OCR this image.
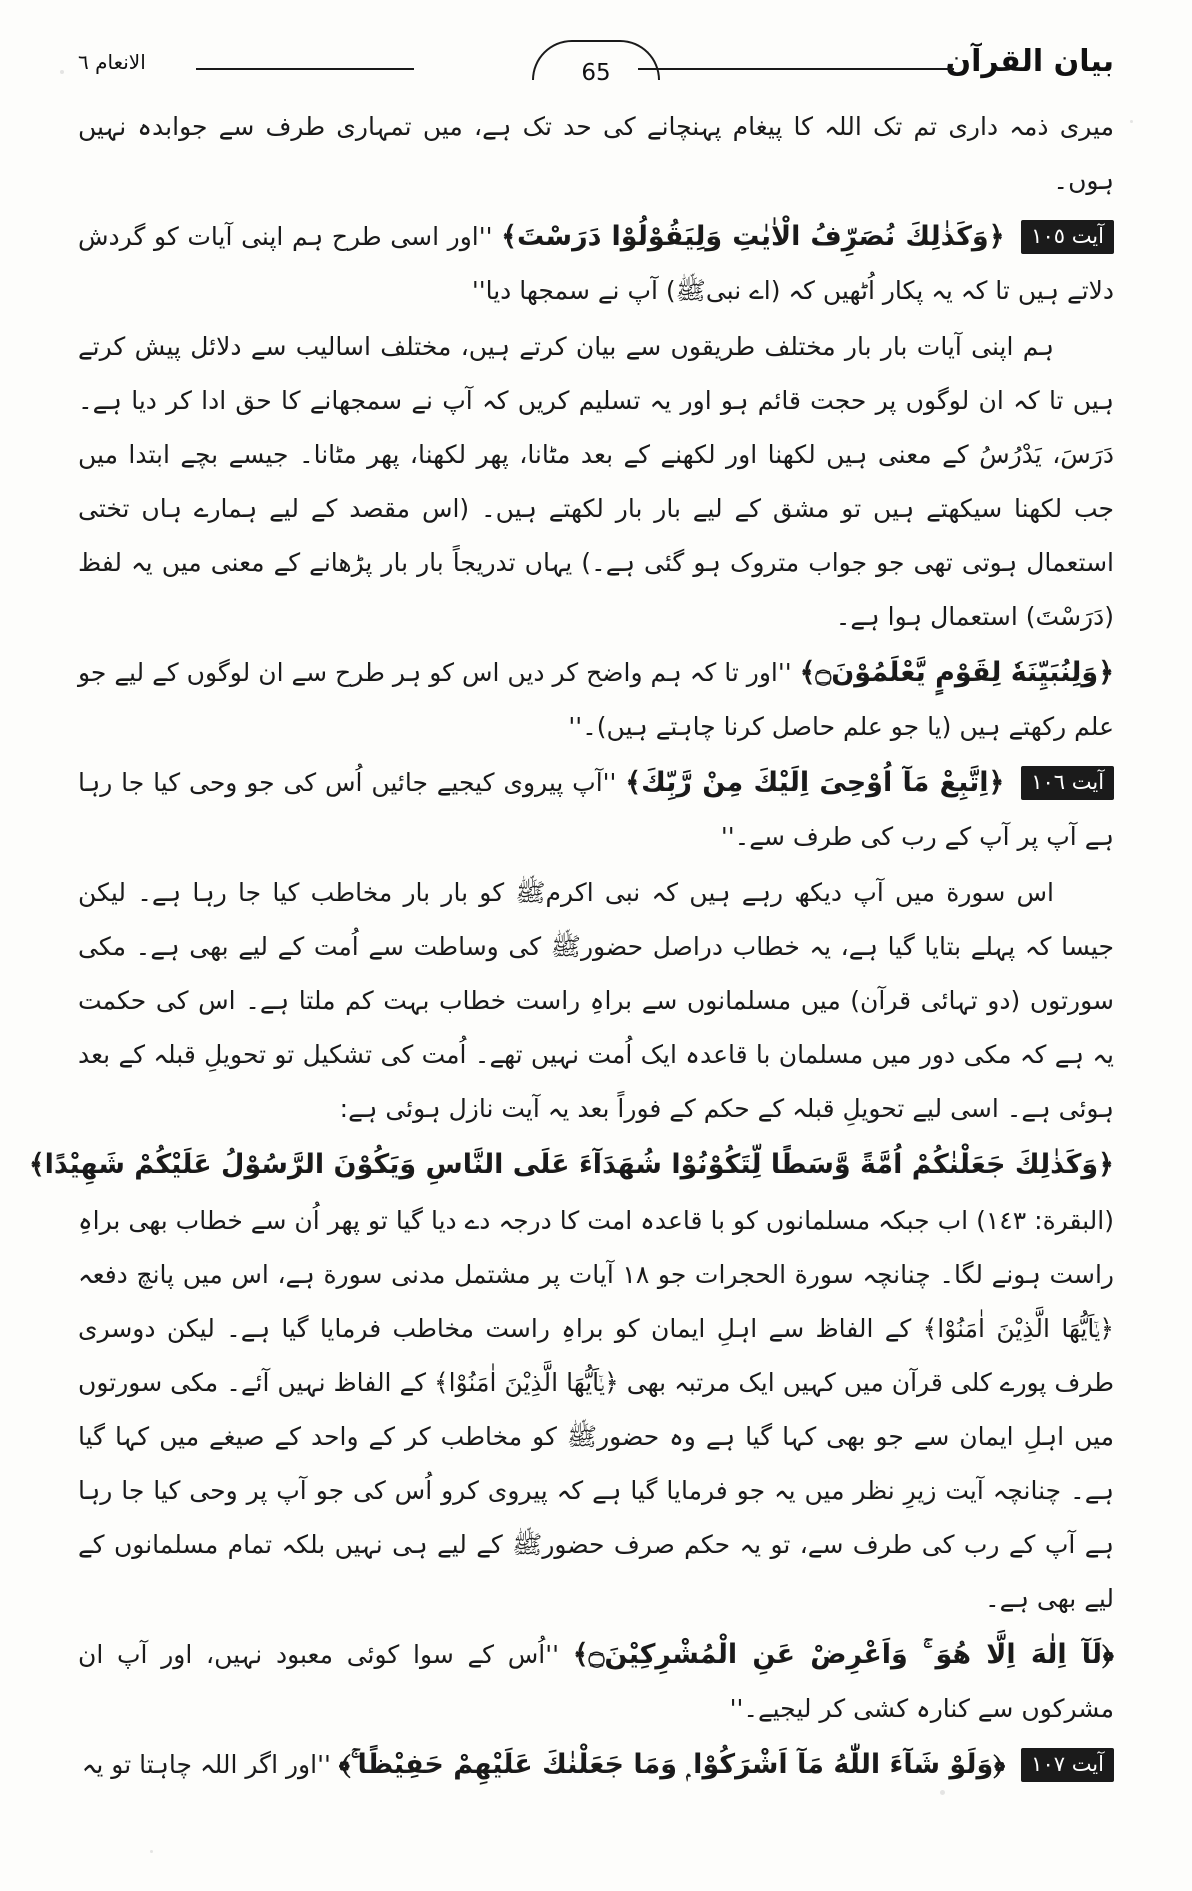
بیان القرآن
65
الانعام ٦

میری ذمہ داری تم تک اللہ کا پیغام پہنچانے کی حد تک ہے، میں تمہاری طرف سے جوابدہ نہیں ہوں۔

آیت ١٠٥ ﴿وَكَذٰلِكَ نُصَرِّفُ الْاٰيٰتِ وَلِيَقُوْلُوْا دَرَسْتَ﴾ ''اور اسی طرح ہم اپنی آیات کو گردش دلاتے ہیں تا کہ یہ پکار اُٹھیں کہ (اے نبیﷺ) آپ نے سمجھا دیا''

ہم اپنی آیات بار بار مختلف طریقوں سے بیان کرتے ہیں، مختلف اسالیب سے دلائل پیش کرتے ہیں تا کہ ان لوگوں پر حجت قائم ہو اور یہ تسلیم کریں کہ آپ نے سمجھانے کا حق ادا کر دیا ہے۔ دَرَسَ، یَدْرُسُ کے معنی ہیں لکھنا اور لکھنے کے بعد مٹانا، پھر لکھنا، پھر مٹانا۔ جیسے بچے ابتدا میں جب لکھنا سیکھتے ہیں تو مشق کے لیے بار بار لکھتے ہیں۔ (اس مقصد کے لیے ہمارے ہاں تختی استعمال ہوتی تھی جو جواب متروک ہو گئی ہے۔) یہاں تدریجاً بار بار پڑھانے کے معنی میں یہ لفظ (دَرَسْتَ) استعمال ہوا ہے۔

﴿وَلِنُبَيِّنَهٗ لِقَوْمٍ يَّعْلَمُوْنَ۝﴾ ''اور تا کہ ہم واضح کر دیں اس کو ہر طرح سے ان لوگوں کے لیے جو علم رکھتے ہیں (یا جو علم حاصل کرنا چاہتے ہیں)۔''

آیت ١٠٦ ﴿اِتَّبِعْ مَآ اُوْحِیَ اِلَيْكَ مِنْ رَّبِّكَ﴾ ''آپ پیروی کیجیے جائیں اُس کی جو وحی کیا جا رہا ہے آپ پر آپ کے رب کی طرف سے۔''

اس سورة میں آپ دیکھ رہے ہیں کہ نبی اکرمﷺ کو بار بار مخاطب کیا جا رہا ہے۔ لیکن جیسا کہ پہلے بتایا گیا ہے، یہ خطاب دراصل حضورﷺ کی وساطت سے اُمت کے لیے بھی ہے۔ مکی سورتوں (دو تہائی قرآن) میں مسلمانوں سے براہِ راست خطاب بہت کم ملتا ہے۔ اس کی حکمت یہ ہے کہ مکی دور میں مسلمان با قاعدہ ایک اُمت نہیں تھے۔ اُمت کی تشکیل تو تحویلِ قبلہ کے بعد ہوئی ہے۔ اسی لیے تحویلِ قبلہ کے حکم کے فوراً بعد یہ آیت نازل ہوئی ہے:

﴿وَكَذٰلِكَ جَعَلْنٰكُمْ اُمَّةً وَّسَطًا لِّتَكُوْنُوْا شُهَدَآءَ عَلَى النَّاسِ وَيَكُوْنَ الرَّسُوْلُ عَلَيْكُمْ شَهِيْدًا﴾

(البقرة: ١٤٣) اب جبکہ مسلمانوں کو با قاعدہ امت کا درجہ دے دیا گیا تو پھر اُن سے خطاب بھی براہِ راست ہونے لگا۔ چنانچہ سورة الحجرات جو ١٨ آیات پر مشتمل مدنی سورة ہے، اس میں پانچ دفعہ ﴿یٰۤاَیُّهَا الَّذِيْنَ اٰمَنُوْا﴾ کے الفاظ سے اہلِ ایمان کو براہِ راست مخاطب فرمایا گیا ہے۔ لیکن دوسری طرف پورے کلی قرآن میں کہیں ایک مرتبہ بھی ﴿یٰۤاَیُّهَا الَّذِيْنَ اٰمَنُوْا﴾ کے الفاظ نہیں آئے۔ مکی سورتوں میں اہلِ ایمان سے جو بھی کہا گیا ہے وہ حضورﷺ کو مخاطب کر کے واحد کے صیغے میں کہا گیا ہے۔ چنانچہ آیت زیرِ نظر میں یہ جو فرمایا گیا ہے کہ پیروی کرو اُس کی جو آپ پر وحی کیا جا رہا ہے آپ کے رب کی طرف سے، تو یہ حکم صرف حضورﷺ کے لیے ہی نہیں بلکہ تمام مسلمانوں کے لیے بھی ہے۔

﴿لَآ اِلٰهَ اِلَّا هُوَ ۚ وَاَعْرِضْ عَنِ الْمُشْرِكِيْنَ۝﴾ ''اُس کے سوا کوئی معبود نہیں، اور آپ ان مشرکوں سے کنارہ کشی کر لیجیے۔''

آیت ١٠٧ ﴿وَلَوْ شَآءَ اللّٰهُ مَآ اَشْرَكُوْا ۭ وَمَا جَعَلْنٰكَ عَلَيْهِمْ حَفِيْظًا ۚ﴾ ''اور اگر اللہ چاہتا تو یہ
